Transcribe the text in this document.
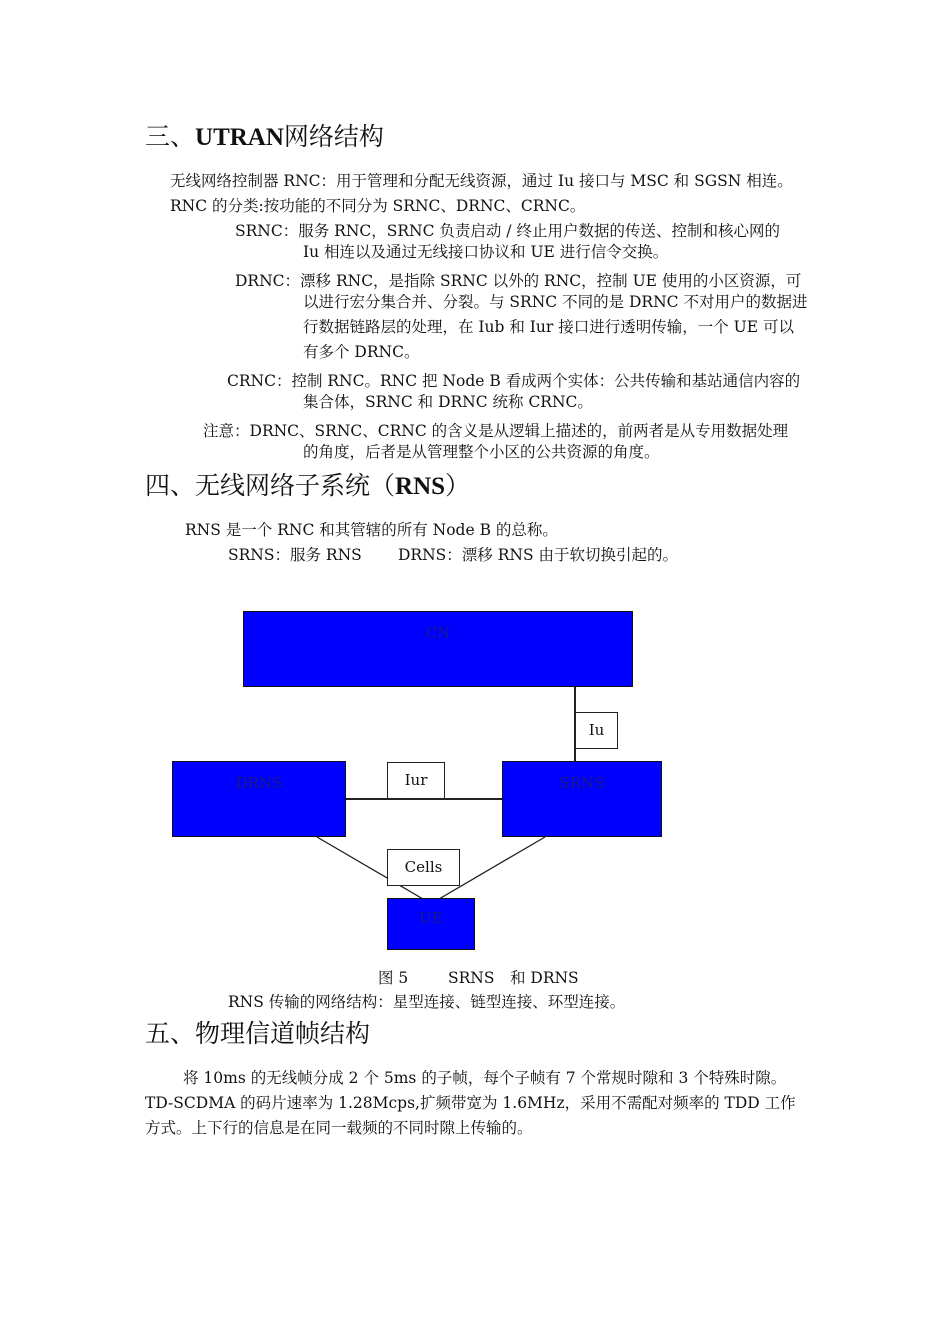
三、UTRAN网络结构
无线网络控制器 RNC：用于管理和分配无线资源，通过 Iu 接口与 MSC 和 SGSN 相连。
RNC 的分类:按功能的不同分为 SRNC、DRNC、CRNC。
SRNC：服务 RNC，SRNC 负责启动 / 终止用户数据的传送、控制和核心网的
Iu 相连以及通过无线接口协议和 UE 进行信令交换。
DRNC：漂移 RNC，是指除 SRNC 以外的 RNC，控制 UE 使用的小区资源，可
以进行宏分集合并、分裂。与 SRNC 不同的是 DRNC 不对用户的数据进行数据链路层的处理，在 Iub 和 Iur 接口进行透明传输，一个 UE 可以有多个 DRNC。
CRNC：控制 RNC。RNC 把 Node B 看成两个实体：公共传输和基站通信内容的
集合体，SRNC 和 DRNC 统称 CRNC。
注意：DRNC、SRNC、CRNC 的含义是从逻辑上描述的，前两者是从专用数据处理
的角度，后者是从管理整个小区的公共资源的角度。
四、无线网络子系统（RNS）
RNS 是一个 RNC 和其管辖的所有 Node B 的总称。
SRNS：服务 RNS DRNS：漂移 RNS 由于软切换引起的。
CN
Iu
DRNS	Iur	SRNS
Cells
UE
图 5	SRNS　和 DRNS
RNS 传输的网络结构：星型连接、链型连接、环型连接。
五、物理信道帧结构
将 10ms 的无线帧分成 2 个 5ms 的子帧，每个子帧有 7 个常规时隙和 3 个特殊时隙。
TD-SCDMA 的码片速率为 1.28Mcps,扩频带宽为 1.6MHz，采用不需配对频率的 TDD 工作
方式。上下行的信息是在同一载频的不同时隙上传输的。
